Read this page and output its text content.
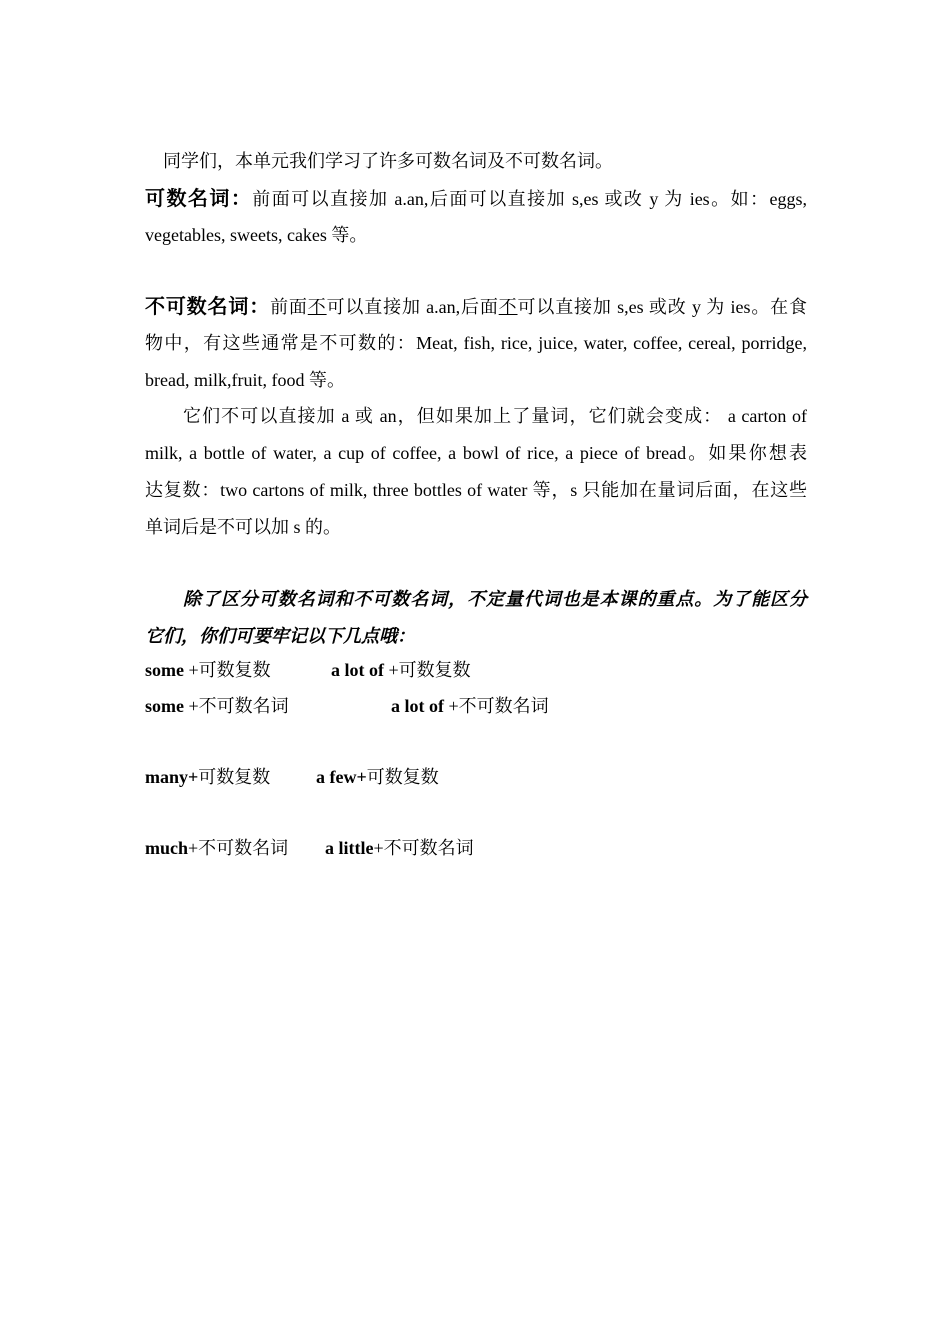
同学们，本单元我们学习了许多可数名词及不可数名词。
可数名词：前面可以直接加 a.an,后面可以直接加 s,es 或改 y 为 ies。如：eggs,
vegetables, sweets, cakes 等。
不可数名词：前面不可以直接加 a.an,后面不可以直接加 s,es 或改 y 为 ies。在食
物中，有这些通常是不可数的：Meat, fish, rice, juice, water, coffee, cereal, porridge,
bread, milk,fruit, food 等。
它们不可以直接加 a 或 an，但如果加上了量词，它们就会变成： a carton of
milk, a bottle of water, a cup of coffee, a bowl of rice, a piece of bread。如果你想表
达复数：two cartons of milk, three bottles of water 等，s 只能加在量词后面，在这些
单词后是不可以加 s 的。
除了区分可数名词和不可数名词，不定量代词也是本课的重点。为了能区分
它们，你们可要牢记以下几点哦：
some +可数复数	a lot of +可数复数
some +不可数名词	a lot of +不可数名词
many+可数复数	a few+可数复数
much+不可数名词 a little+不可数名词
